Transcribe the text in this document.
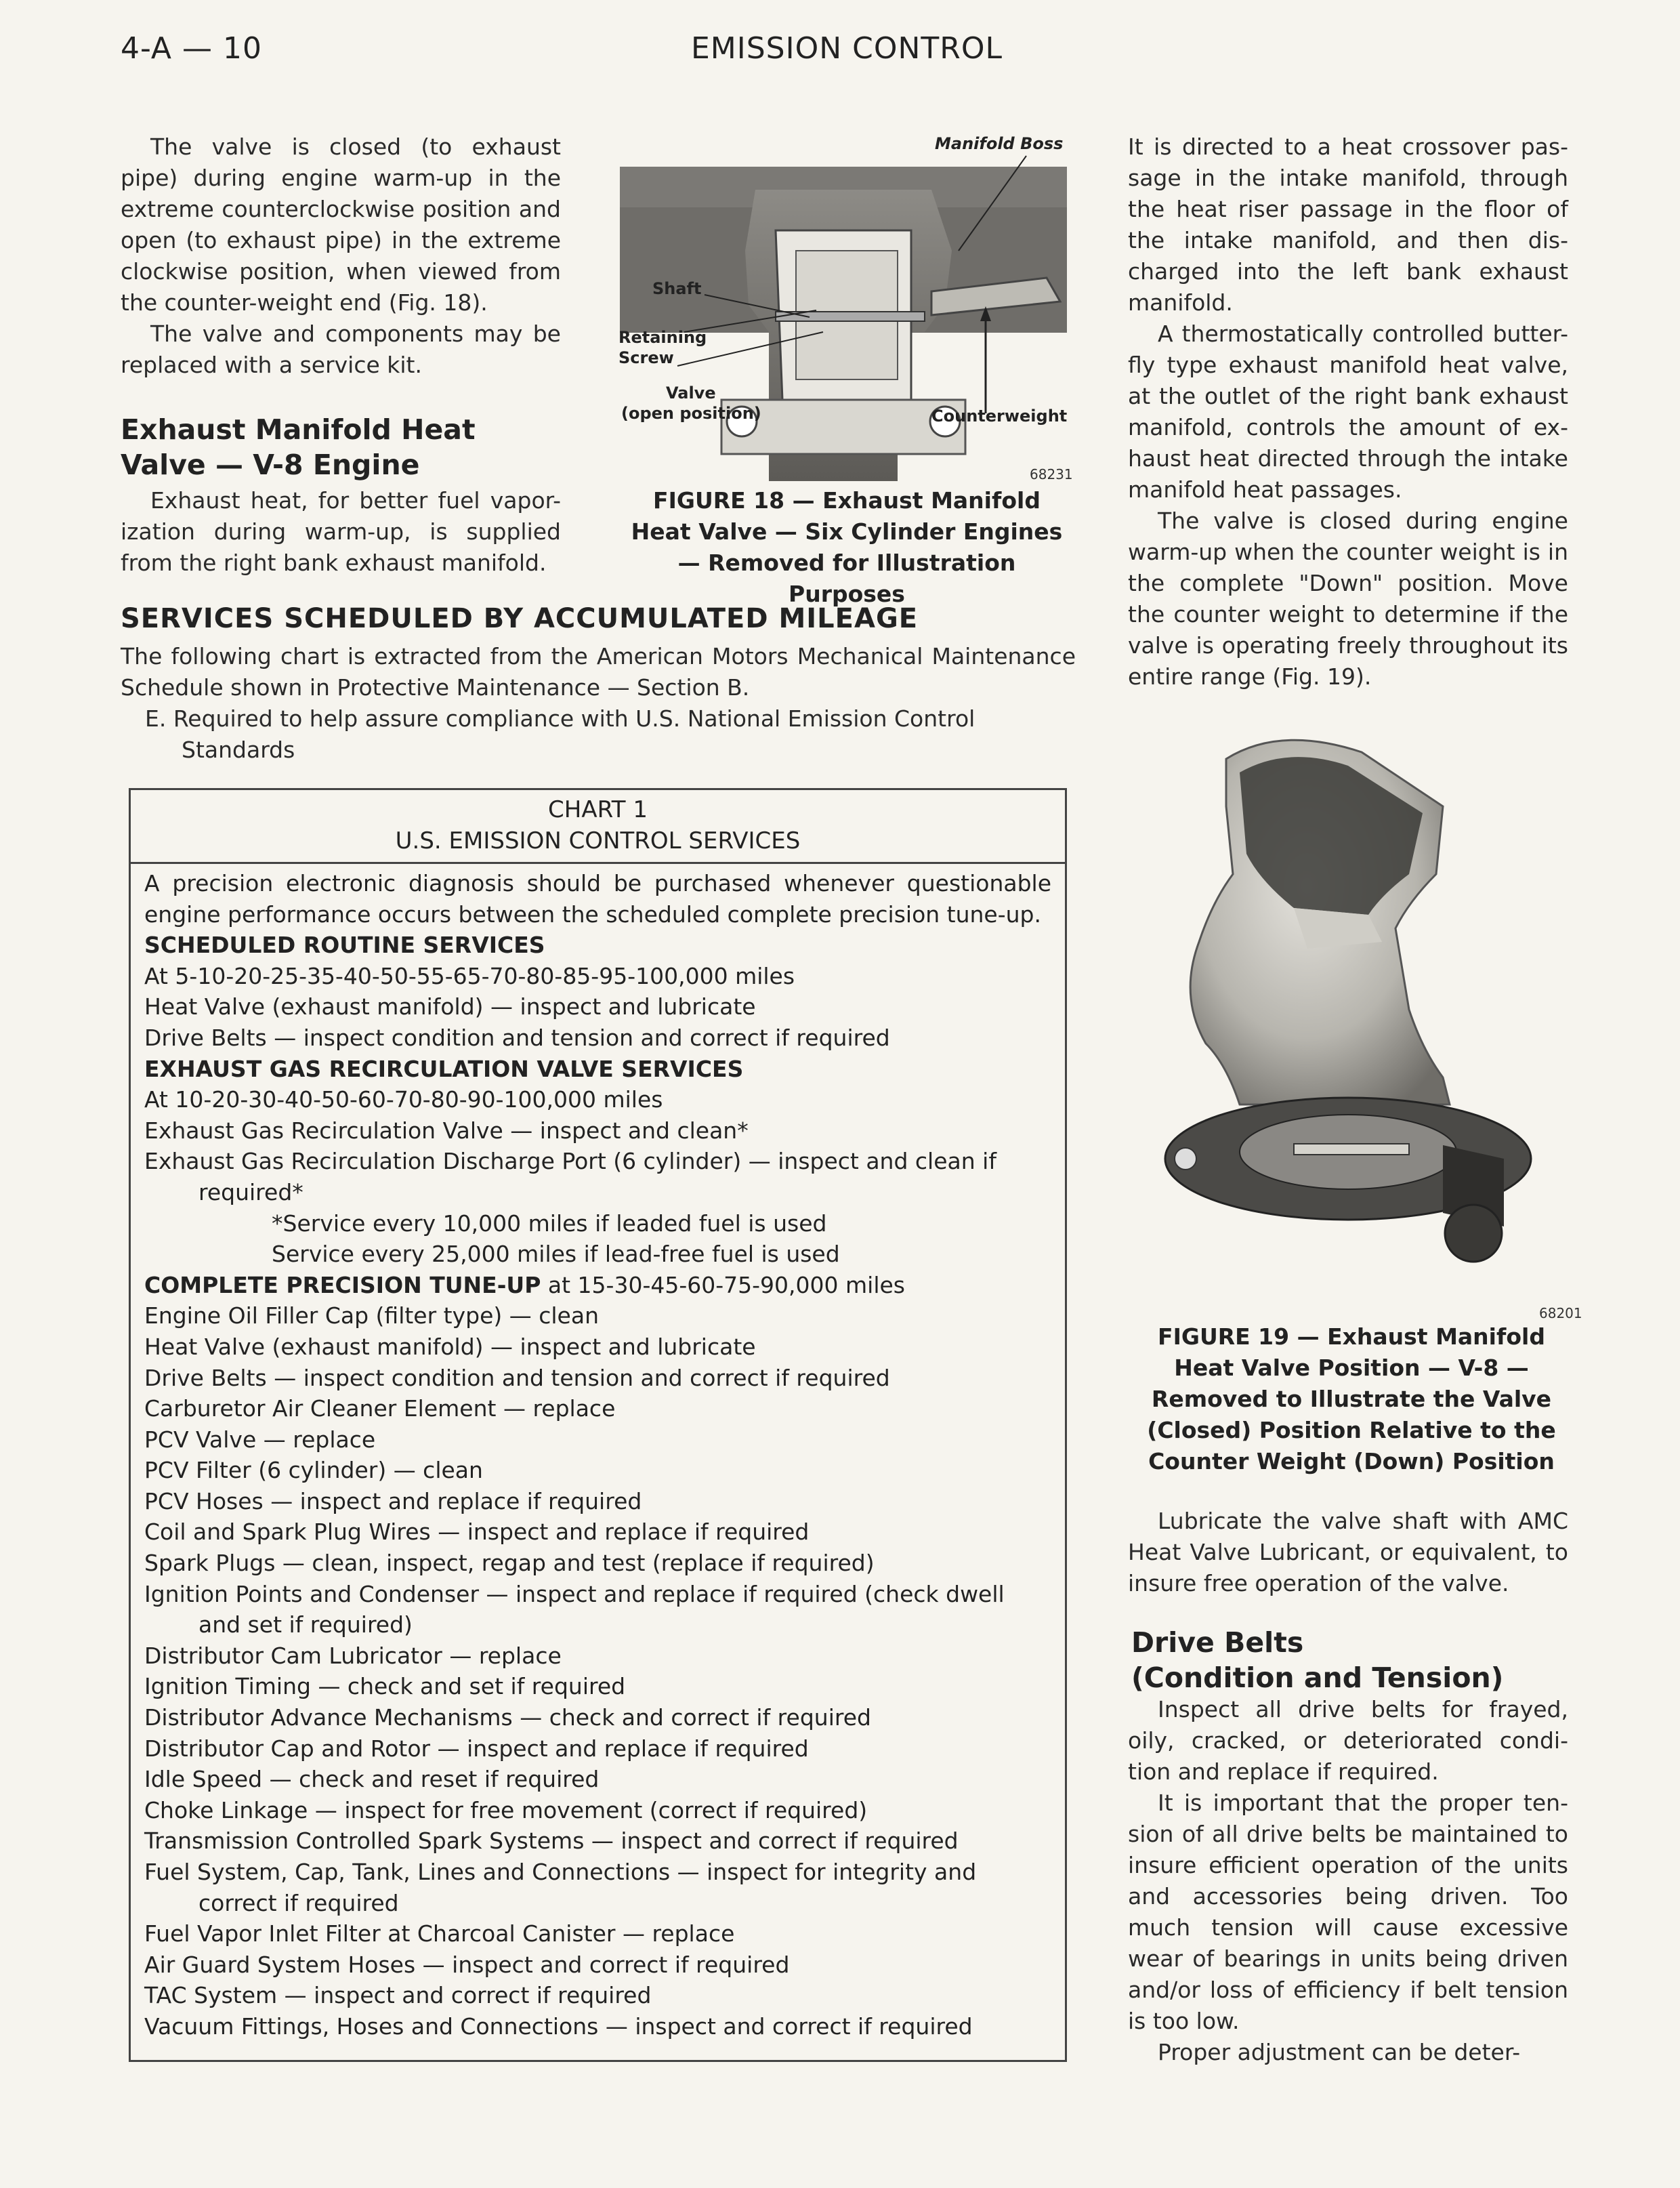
4-A — 10	EMISSION CONTROL

The valve is closed (to exhaust pipe) during engine warm-up in the extreme counterclockwise position and open (to exhaust pipe) in the extreme clockwise position, when viewed from the counter-weight end (Fig. 18).

The valve and components may be replaced with a service kit.

Exhaust Manifold Heat Valve — V-8 Engine

Exhaust heat, for better fuel vapor-ization during warm-up, is supplied from the right bank exhaust manifold.

Manifold Boss
Shaft
Retaining
Screw
Valve
(open position)	Counterweight
68231
FIGURE 18 — Exhaust Manifold Heat Valve — Six Cylinder Engines — Removed for Illustration Purposes
SERVICES SCHEDULED BY ACCUMULATED MILEAGE
The following chart is extracted from the American Motors Mechanical Maintenance Schedule shown in Protective Maintenance — Section B.
E. Required to help assure compliance with U.S. National Emission Control Standards
CHART 1
U.S. EMISSION CONTROL SERVICES
A precision electronic diagnosis should be purchased whenever questionable engine performance occurs between the scheduled complete precision tune-up.
SCHEDULED ROUTINE SERVICES
At 5-10-20-25-35-40-50-55-65-70-80-85-95-100,000 miles
Heat Valve (exhaust manifold) — inspect and lubricate
Drive Belts — inspect condition and tension and correct if required
EXHAUST GAS RECIRCULATION VALVE SERVICES
At 10-20-30-40-50-60-70-80-90-100,000 miles
Exhaust Gas Recirculation Valve — inspect and clean*
Exhaust Gas Recirculation Discharge Port (6 cylinder) — inspect and clean if
required*
*Service every 10,000 miles if leaded fuel is used
Service every 25,000 miles if lead-free fuel is used
COMPLETE PRECISION TUNE-UP at 15-30-45-60-75-90,000 miles
Engine Oil Filler Cap (filter type) — clean
Heat Valve (exhaust manifold) — inspect and lubricate
Drive Belts — inspect condition and tension and correct if required
Carburetor Air Cleaner Element — replace
PCV Valve — replace
PCV Filter (6 cylinder) — clean
PCV Hoses — inspect and replace if required
Coil and Spark Plug Wires — inspect and replace if required
Spark Plugs — clean, inspect, regap and test (replace if required)
Ignition Points and Condenser — inspect and replace if required (check dwell
and set if required)
Distributor Cam Lubricator — replace
Ignition Timing — check and set if required
Distributor Advance Mechanisms — check and correct if required
Distributor Cap and Rotor — inspect and replace if required
Idle Speed — check and reset if required
Choke Linkage — inspect for free movement (correct if required)
Transmission Controlled Spark Systems — inspect and correct if required
Fuel System, Cap, Tank, Lines and Connections — inspect for integrity and
correct if required
Fuel Vapor Inlet Filter at Charcoal Canister — replace
Air Guard System Hoses — inspect and correct if required
TAC System — inspect and correct if required
Vacuum Fittings, Hoses and Connections — inspect and correct if required

It is directed to a heat crossover pas-sage in the intake manifold, through the heat riser passage in the floor of the intake manifold, and then dis-charged into the left bank exhaust manifold.

A thermostatically controlled butter-fly type exhaust manifold heat valve, at the outlet of the right bank exhaust manifold, controls the amount of ex-haust heat directed through the intake manifold heat passages.

The valve is closed during engine warm-up when the counter weight is in the complete "Down" position. Move the counter weight to determine if the valve is operating freely throughout its entire range (Fig. 19).

68201
FIGURE 19 — Exhaust Manifold Heat Valve Position — V-8 — Removed to Illustrate the Valve (Closed) Position Relative to the Counter Weight (Down) Position

Lubricate the valve shaft with AMC Heat Valve Lubricant, or equivalent, to insure free operation of the valve.

Drive Belts
(Condition and Tension)

Inspect all drive belts for frayed, oily, cracked, or deteriorated condi-tion and replace if required.

It is important that the proper ten-sion of all drive belts be maintained to insure efficient operation of the units and accessories being driven. Too much tension will cause excessive wear of bearings in units being driven and/or loss of efficiency if belt tension is too low.

Proper adjustment can be deter-
